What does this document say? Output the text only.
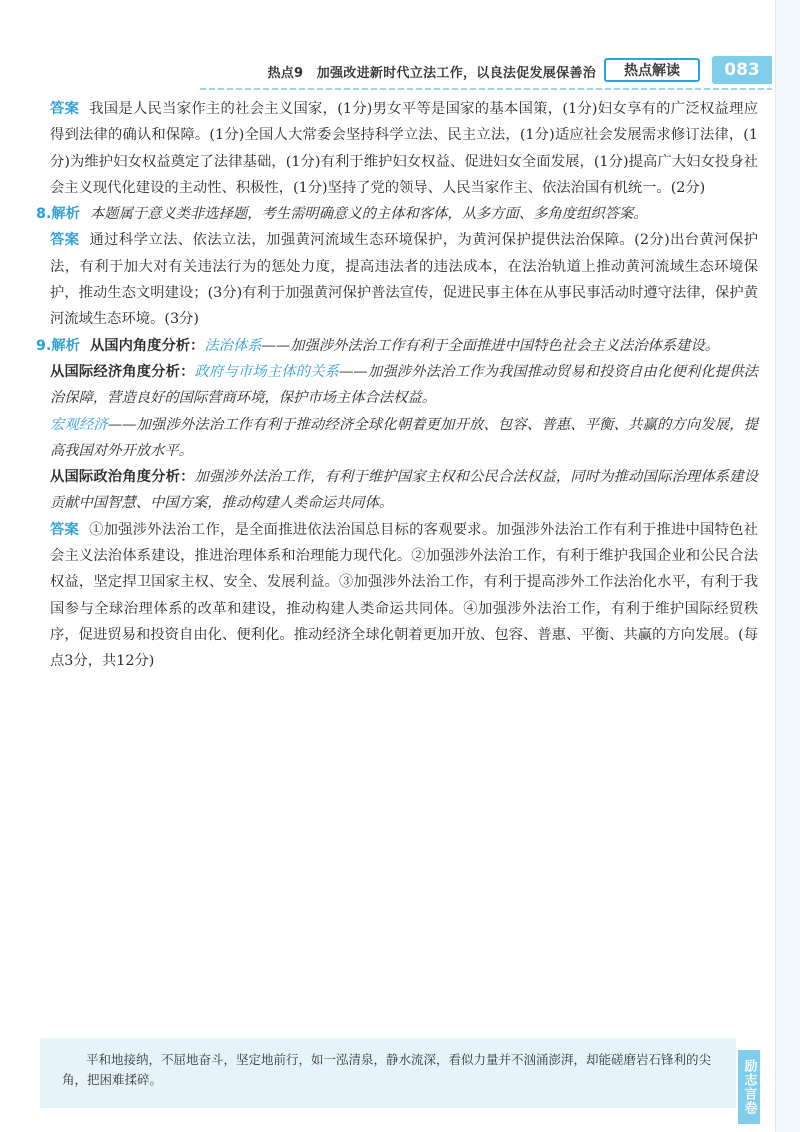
热点9　加强改进新时代立法工作，以良法促发展保善治	热点解读	083

答案 我国是人民当家作主的社会主义国家，(1分)男女平等是国家的基本国策，(1分)妇女享有的广泛权益理应得到法律的确认和保障。(1分)全国人大常委会坚持科学立法、民主立法，(1分)适应社会发展需求修订法律，(1分)为维护妇女权益奠定了法律基础，(1分)有利于维护妇女权益、促进妇女全面发展，(1分)提高广大妇女投身社会主义现代化建设的主动性、积极性，(1分)坚持了党的领导、人民当家作主、依法治国有机统一。(2分)

8.解析 本题属于意义类非选择题，考生需明确意义的主体和客体，从多方面、多角度组织答案。

答案 通过科学立法、依法立法，加强黄河流域生态环境保护，为黄河保护提供法治保障。(2分)出台黄河保护法，有利于加大对有关违法行为的惩处力度，提高违法者的违法成本，在法治轨道上推动黄河流域生态环境保护，推动生态文明建设；(3分)有利于加强黄河保护普法宣传，促进民事主体在从事民事活动时遵守法律，保护黄河流域生态环境。(3分)

9.解析 从国内角度分析：法治体系——加强涉外法治工作有利于全面推进中国特色社会主义法治体系建设。

从国际经济角度分析：政府与市场主体的关系——加强涉外法治工作为我国推动贸易和投资自由化便利化提供法治保障，营造良好的国际营商环境，保护市场主体合法权益。

宏观经济——加强涉外法治工作有利于推动经济全球化朝着更加开放、包容、普惠、平衡、共赢的方向发展，提高我国对外开放水平。

从国际政治角度分析：加强涉外法治工作，有利于维护国家主权和公民合法权益，同时为推动国际治理体系建设贡献中国智慧、中国方案，推动构建人类命运共同体。

答案 ①加强涉外法治工作，是全面推进依法治国总目标的客观要求。加强涉外法治工作有利于推进中国特色社会主义法治体系建设，推进治理体系和治理能力现代化。②加强涉外法治工作，有利于维护我国企业和公民合法权益，坚定捍卫国家主权、安全、发展利益。③加强涉外法治工作，有利于提高涉外工作法治化水平，有利于我国参与全球治理体系的改革和建设，推动构建人类命运共同体。④加强涉外法治工作，有利于维护国际经贸秩序，促进贸易和投资自由化、便利化。推动经济全球化朝着更加开放、包容、普惠、平衡、共赢的方向发展。(每点3分，共12分)

平和地接纳，不屈地奋斗，坚定地前行，如一泓清泉，静水流深，看似力量并不汹涌澎湃，却能磋磨岩石锋利的尖角，把困难揉碎。	励志言卷
